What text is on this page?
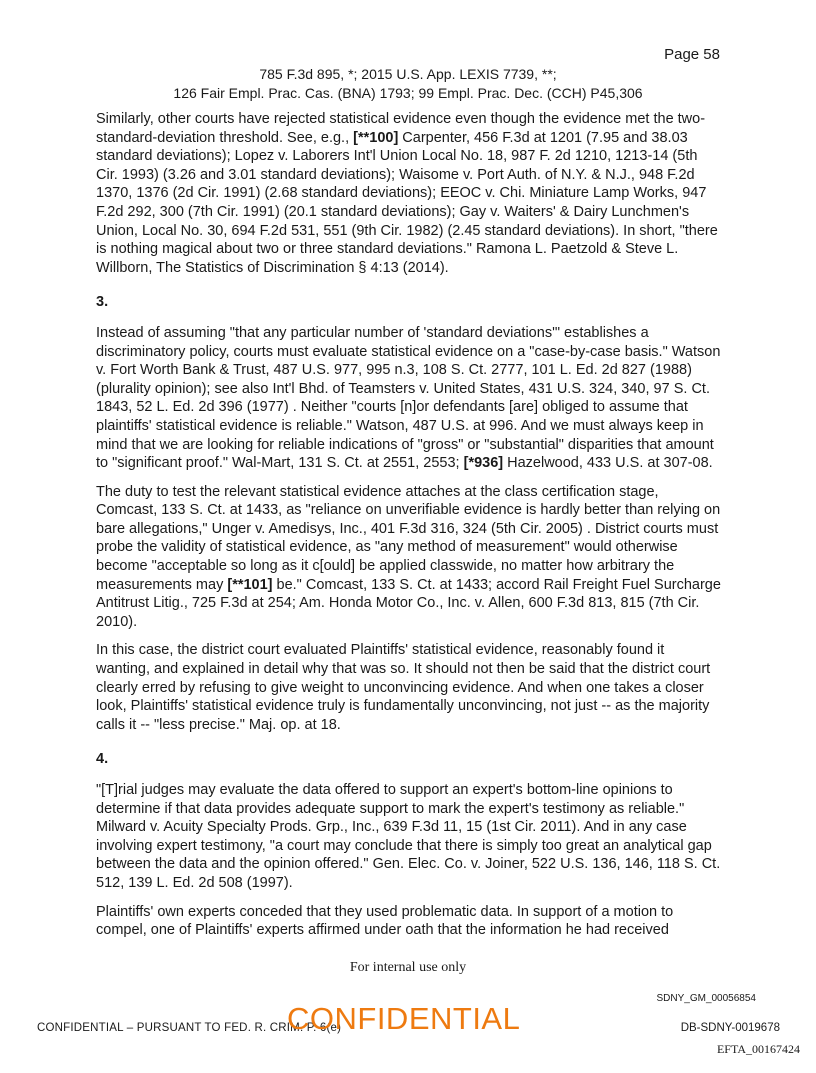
Page 58
785 F.3d 895, *; 2015 U.S. App. LEXIS 7739, **;
126 Fair Empl. Prac. Cas. (BNA) 1793; 99 Empl. Prac. Dec. (CCH) P45,306

Similarly, other courts have rejected statistical evidence even though the evidence met the two-standard-deviation threshold. See, e.g., [**100] Carpenter, 456 F.3d at 1201 (7.95 and 38.03 standard deviations); Lopez v. Laborers Int'l Union Local No. 18, 987 F. 2d 1210, 1213-14 (5th Cir. 1993) (3.26 and 3.01 standard deviations); Waisome v. Port Auth. of N.Y. & N.J., 948 F.2d 1370, 1376 (2d Cir. 1991) (2.68 standard deviations); EEOC v. Chi. Miniature Lamp Works, 947 F.2d 292, 300 (7th Cir. 1991) (20.1 standard deviations); Gay v. Waiters' & Dairy Lunchmen's Union, Local No. 30, 694 F.2d 531, 551 (9th Cir. 1982) (2.45 standard deviations). In short, "there is nothing magical about two or three standard deviations." Ramona L. Paetzold & Steve L. Willborn, The Statistics of Discrimination § 4:13 (2014).

3.

Instead of assuming "that any particular number of 'standard deviations'" establishes a discriminatory policy, courts must evaluate statistical evidence on a "case-by-case basis." Watson v. Fort Worth Bank & Trust, 487 U.S. 977, 995 n.3, 108 S. Ct. 2777, 101 L. Ed. 2d 827 (1988) (plurality opinion); see also Int'l Bhd. of Teamsters v. United States, 431 U.S. 324, 340, 97 S. Ct. 1843, 52 L. Ed. 2d 396 (1977) . Neither "courts [n]or defendants [are] obliged to assume that plaintiffs' statistical evidence is reliable." Watson, 487 U.S. at 996. And we must always keep in mind that we are looking for reliable indications of "gross" or "substantial" disparities that amount to "significant proof." Wal-Mart, 131 S. Ct. at 2551, 2553; [*936] Hazelwood, 433 U.S. at 307-08.

The duty to test the relevant statistical evidence attaches at the class certification stage, Comcast, 133 S. Ct. at 1433, as "reliance on unverifiable evidence is hardly better than relying on bare allegations," Unger v. Amedisys, Inc., 401 F.3d 316, 324 (5th Cir. 2005) . District courts must probe the validity of statistical evidence, as "any method of measurement" would otherwise become "acceptable so long as it c[ould] be applied classwide, no matter how arbitrary the measurements may [**101] be." Comcast, 133 S. Ct. at 1433; accord Rail Freight Fuel Surcharge Antitrust Litig., 725 F.3d at 254; Am. Honda Motor Co., Inc. v. Allen, 600 F.3d 813, 815 (7th Cir. 2010).

In this case, the district court evaluated Plaintiffs' statistical evidence, reasonably found it wanting, and explained in detail why that was so. It should not then be said that the district court clearly erred by refusing to give weight to unconvincing evidence. And when one takes a closer look, Plaintiffs' statistical evidence truly is fundamentally unconvincing, not just -- as the majority calls it -- "less precise." Maj. op. at 18.

4.

"[T]rial judges may evaluate the data offered to support an expert's bottom-line opinions to determine if that data provides adequate support to mark the expert's testimony as reliable." Milward v. Acuity Specialty Prods. Grp., Inc., 639 F.3d 11, 15 (1st Cir. 2011). And in any case involving expert testimony, "a court may conclude that there is simply too great an analytical gap between the data and the opinion offered." Gen. Elec. Co. v. Joiner, 522 U.S. 136, 146, 118 S. Ct. 512, 139 L. Ed. 2d 508 (1997).

Plaintiffs' own experts conceded that they used problematic data. In support of a motion to compel, one of Plaintiffs' experts affirmed under oath that the information he had received

For internal use only
SDNY_GM_00056854
CONFIDENTIAL – PURSUANT TO FED. R. CRIM. P. 6(e)
CONFIDENTIAL	DB-SDNY-0019678
EFTA_00167424
